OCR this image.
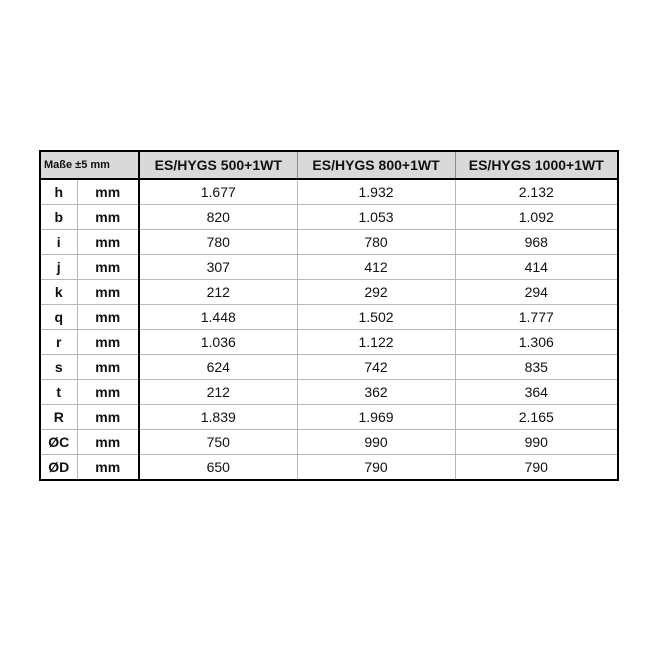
Maße ±5 mm		ES/HYGS 500+1WT	ES/HYGS 800+1WT	ES/HYGS 1000+1WT
h	mm	1.677	1.932	2.132
b	mm	820	1.053	1.092
i	mm	780	780	968
j	mm	307	412	414
k	mm	212	292	294
q	mm	1.448	1.502	1.777
r	mm	1.036	1.122	1.306
s	mm	624	742	835
t	mm	212	362	364
R	mm	1.839	1.969	2.165
ØC	mm	750	990	990
ØD	mm	650	790	790
